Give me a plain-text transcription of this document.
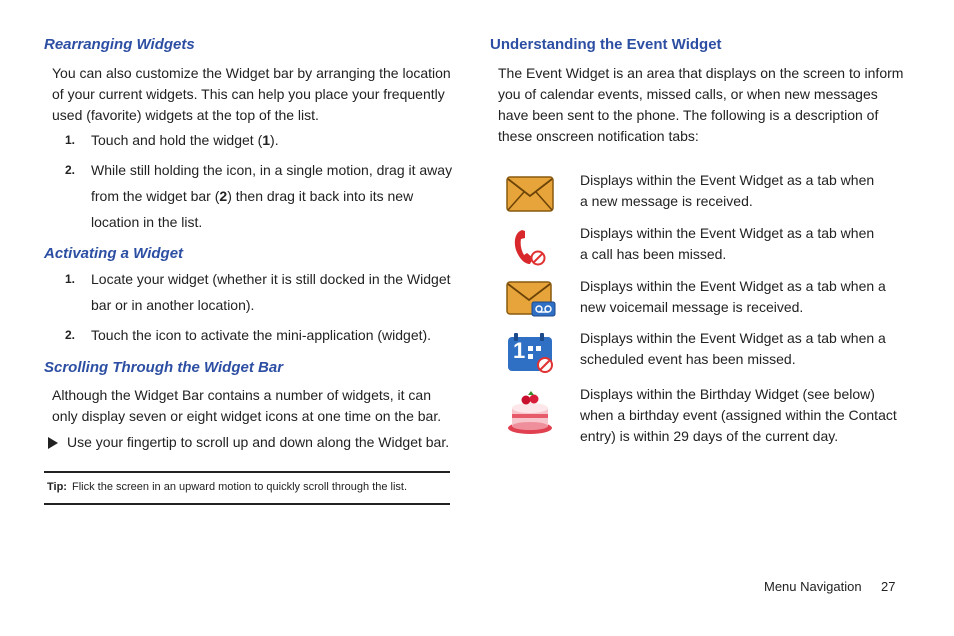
Rearranging Widgets
You can also customize the Widget bar by arranging the location
of your current widgets. This can help you place your frequently
used (favorite) widgets at the top of the list.
1. Touch and hold the widget (1).
2. While still holding the icon, in a single motion, drag it away
from the widget bar (2) then drag it back into its new
location in the list.
Activating a Widget
1. Locate your widget (whether it is still docked in the Widget
bar or in another location).
2. Touch the icon to activate the mini-application (widget).
Scrolling Through the Widget Bar
Although the Widget Bar contains a number of widgets, it can
only display seven or eight widget icons at one time on the bar.
Use your fingertip to scroll up and down along the Widget bar.
Tip: Flick the screen in an upward motion to quickly scroll through the list.
Understanding the Event Widget
The Event Widget is an area that displays on the screen to inform
you of calendar events, missed calls, or when new messages
have been sent to the phone. The following is a description of
these onscreen notification tabs:
Displays within the Event Widget as a tab when
a new message is received.
Displays within the Event Widget as a tab when
a call has been missed.
Displays within the Event Widget as a tab when a
new voicemail message is received.
1	Displays within the Event Widget as a tab when a
scheduled event has been missed.
Displays within the Birthday Widget (see below)
when a birthday event (assigned within the Contact
entry) is within 29 days of the current day.
Menu Navigation 27
